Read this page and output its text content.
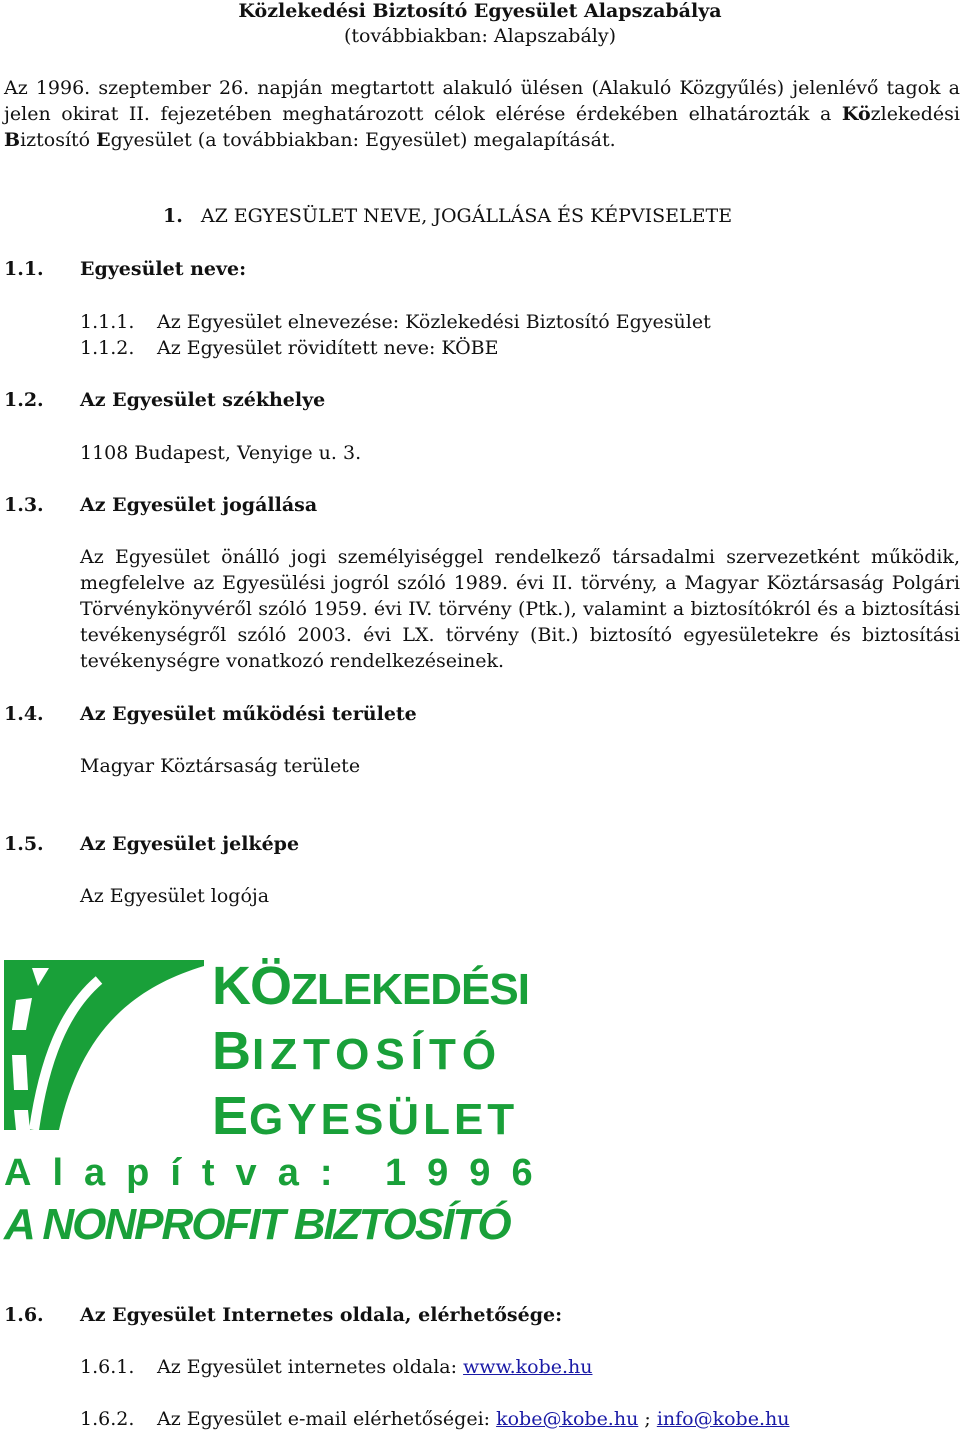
Közlekedési Biztosító Egyesület Alapszabálya
(továbbiakban: Alapszabály)
Az 1996. szeptember 26. napján megtartott alakuló ülésen (Alakuló Közgyűlés) jelenlévő tagok a jelen okirat II. fejezetében meghatározott célok elérése érdekében elhatározták a Közlekedési Biztosító Egyesület (a továbbiakban: Egyesület) megalapítását.
1. AZ EGYESÜLET NEVE, JOGÁLLÁSA ÉS KÉPVISELETE
1.1. Egyesület neve:
1.1.1. Az Egyesület elnevezése: Közlekedési Biztosító Egyesület
1.1.2. Az Egyesület rövidített neve: KÖBE
1.2. Az Egyesület székhelye
1108 Budapest, Venyige u. 3.
1.3. Az Egyesület jogállása
Az Egyesület önálló jogi személyiséggel rendelkező társadalmi szervezetként működik, megfelelve az Egyesülési jogról szóló 1989. évi II. törvény, a Magyar Köztársaság Polgári Törvénykönyvéről szóló 1959. évi IV. törvény (Ptk.), valamint a biztosítókról és a biztosítási tevékenységről szóló 2003. évi LX. törvény (Bit.) biztosító egyesületekre és biztosítási tevékenységre vonatkozó rendelkezéseinek.
1.4. Az Egyesület működési területe
Magyar Köztársaság területe
1.5. Az Egyesület jelképe
Az Egyesület logója
KÖZLEKEDÉSI
BIZTOSÍTÓ
EGYESÜLET
Alapítva: 1996
A NONPROFIT BIZTOSÍTÓ
1.6. Az Egyesület Internetes oldala, elérhetősége:
1.6.1. Az Egyesület internetes oldala: www.kobe.hu
1.6.2. Az Egyesület e-mail elérhetőségei: kobe@kobe.hu ; info@kobe.hu
